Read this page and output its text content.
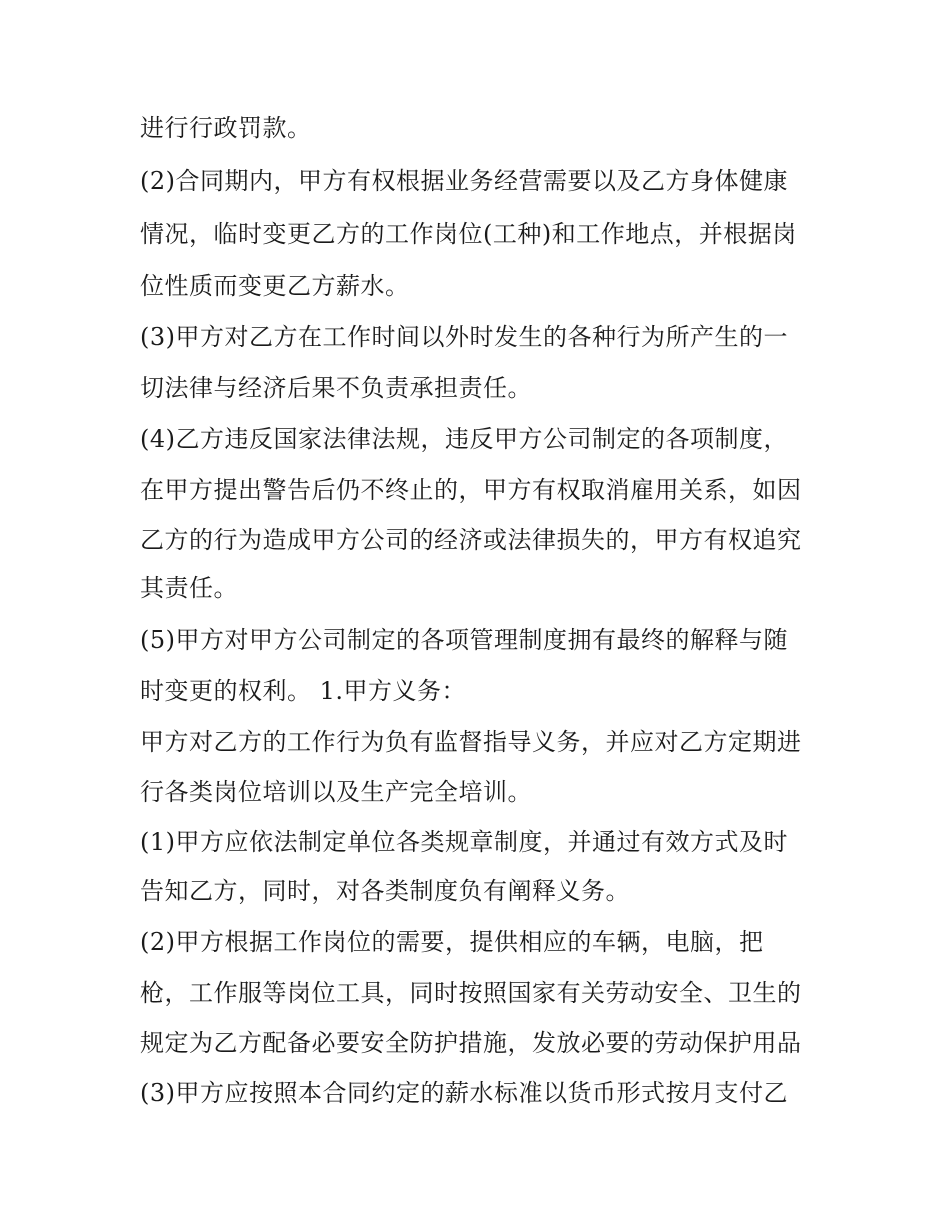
进行行政罚款。
(2)合同期内，甲方有权根据业务经营需要以及乙方身体健康
情况，临时变更乙方的工作岗位(工种)和工作地点，并根据岗
位性质而变更乙方薪水。
(3)甲方对乙方在工作时间以外时发生的各种行为所产生的一
切法律与经济后果不负责承担责任。
(4)乙方违反国家法律法规，违反甲方公司制定的各项制度，
在甲方提出警告后仍不终止的，甲方有权取消雇用关系，如因
乙方的行为造成甲方公司的经济或法律损失的，甲方有权追究
其责任。
(5)甲方对甲方公司制定的各项管理制度拥有最终的解释与随
时变更的权利。 1.甲方义务：
甲方对乙方的工作行为负有监督指导义务，并应对乙方定期进
行各类岗位培训以及生产完全培训。
(1)甲方应依法制定单位各类规章制度，并通过有效方式及时
告知乙方，同时，对各类制度负有阐释义务。
(2)甲方根据工作岗位的需要，提供相应的车辆，电脑，把
枪，工作服等岗位工具，同时按照国家有关劳动安全、卫生的
规定为乙方配备必要安全防护措施，发放必要的劳动保护用品
(3)甲方应按照本合同约定的薪水标准以货币形式按月支付乙
